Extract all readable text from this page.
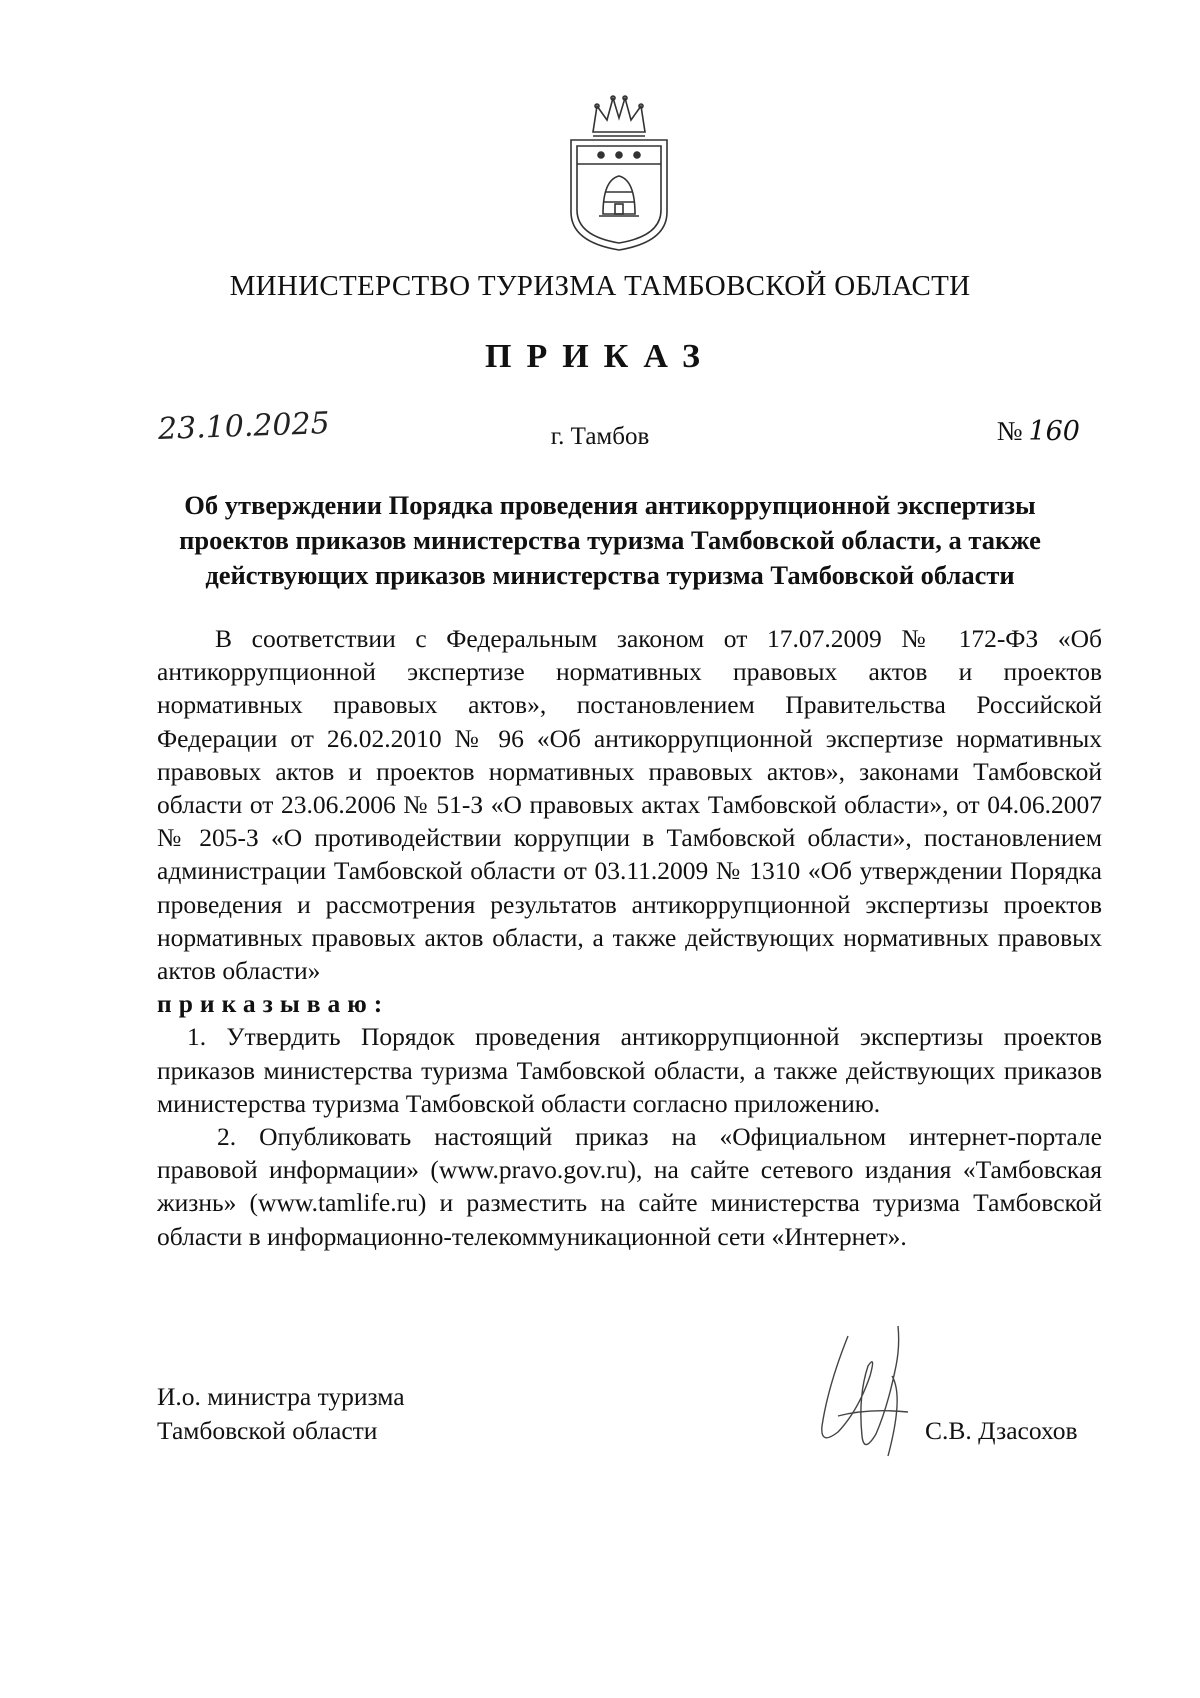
МИНИСТЕРСТВО ТУРИЗМА ТАМБОВСКОЙ ОБЛАСТИ
ПРИКАЗ
23.10.2025	г. Тамбов	№ 160
Об утверждении Порядка проведения антикоррупционной экспертизы проектов приказов министерства туризма Тамбовской области, а также действующих приказов министерства туризма Тамбовской области

В соответствии с Федеральным законом от 17.07.2009 № 172-ФЗ «Об антикоррупционной экспертизе нормативных правовых актов и проектов нормативных правовых актов», постановлением Правительства Российской Федерации от 26.02.2010 № 96 «Об антикоррупционной экспертизе нормативных правовых актов и проектов нормативных правовых актов», законами Тамбовской области от 23.06.2006 № 51-З «О правовых актах Тамбовской области», от 04.06.2007 № 205-З «О противодействии коррупции в Тамбовской области», постановлением администрации Тамбовской области от 03.11.2009 № 1310 «Об утверждении Порядка проведения и рассмотрения результатов антикоррупционной экспертизы проектов нормативных правовых актов области, а также действующих нормативных правовых актов области»

приказываю:

1. Утвердить Порядок проведения антикоррупционной экспертизы проектов приказов министерства туризма Тамбовской области, а также действующих приказов министерства туризма Тамбовской области согласно приложению.

2. Опубликовать настоящий приказ на «Официальном интернет-портале правовой информации» (www.pravo.gov.ru), на сайте сетевого издания «Тамбовская жизнь» (www.tamlife.ru) и разместить на сайте министерства туризма Тамбовской области в информационно-телекоммуникационной сети «Интернет».

И.о. министра туризма
Тамбовской области	С.В. Дзасохов
